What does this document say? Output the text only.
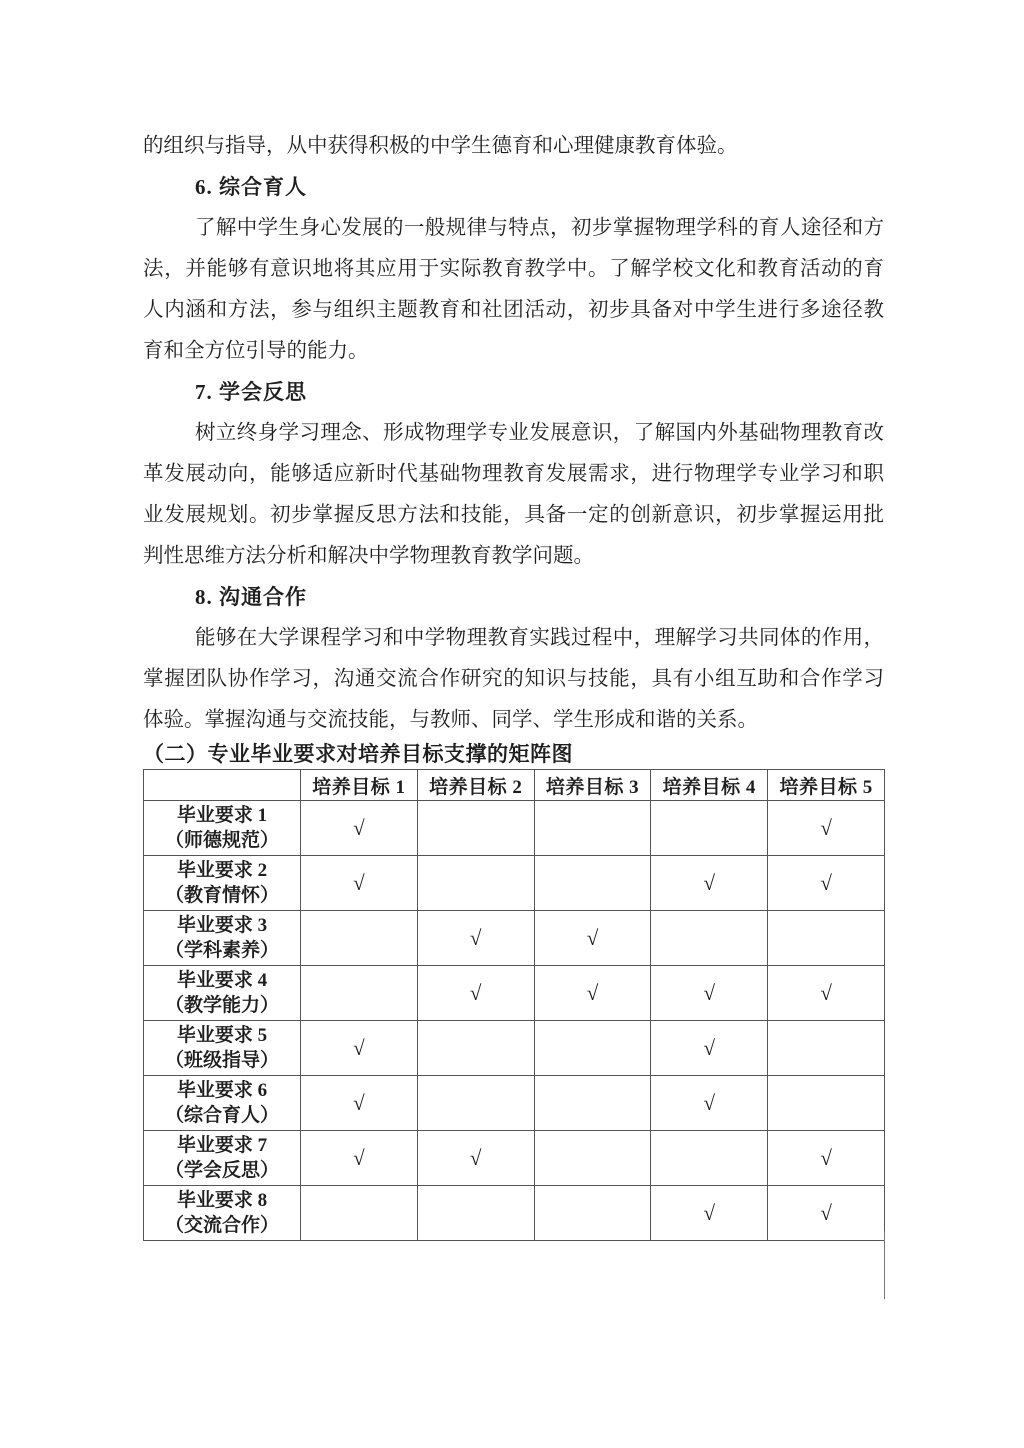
的组织与指导，从中获得积极的中学生德育和心理健康教育体验。
6. 综合育人
了解中学生身心发展的一般规律与特点，初步掌握物理学科的育人途径和方
法，并能够有意识地将其应用于实际教育教学中。了解学校文化和教育活动的育
人内涵和方法，参与组织主题教育和社团活动，初步具备对中学生进行多途径教
育和全方位引导的能力。
7. 学会反思
树立终身学习理念、形成物理学专业发展意识，了解国内外基础物理教育改
革发展动向，能够适应新时代基础物理教育发展需求，进行物理学专业学习和职
业发展规划。初步掌握反思方法和技能，具备一定的创新意识，初步掌握运用批
判性思维方法分析和解决中学物理教育教学问题。
8. 沟通合作
能够在大学课程学习和中学物理教育实践过程中，理解学习共同体的作用，
掌握团队协作学习，沟通交流合作研究的知识与技能，具有小组互助和合作学习
体验。掌握沟通与交流技能，与教师、同学、学生形成和谐的关系。
（二）专业毕业要求对培养目标支撑的矩阵图
	培养目标 1	培养目标 2	培养目标 3	培养目标 4	培养目标 5

毕业要求 1
（师德规范）	√				√

毕业要求 2
（教育情怀）	√			√	√

毕业要求 3
（学科素养）		√	√		

毕业要求 4
（教学能力）		√	√	√	√

毕业要求 5
（班级指导）	√			√	

毕业要求 6
（综合育人）	√			√	

毕业要求 7
（学会反思）	√	√			√

毕业要求 8
（交流合作）				√	√
